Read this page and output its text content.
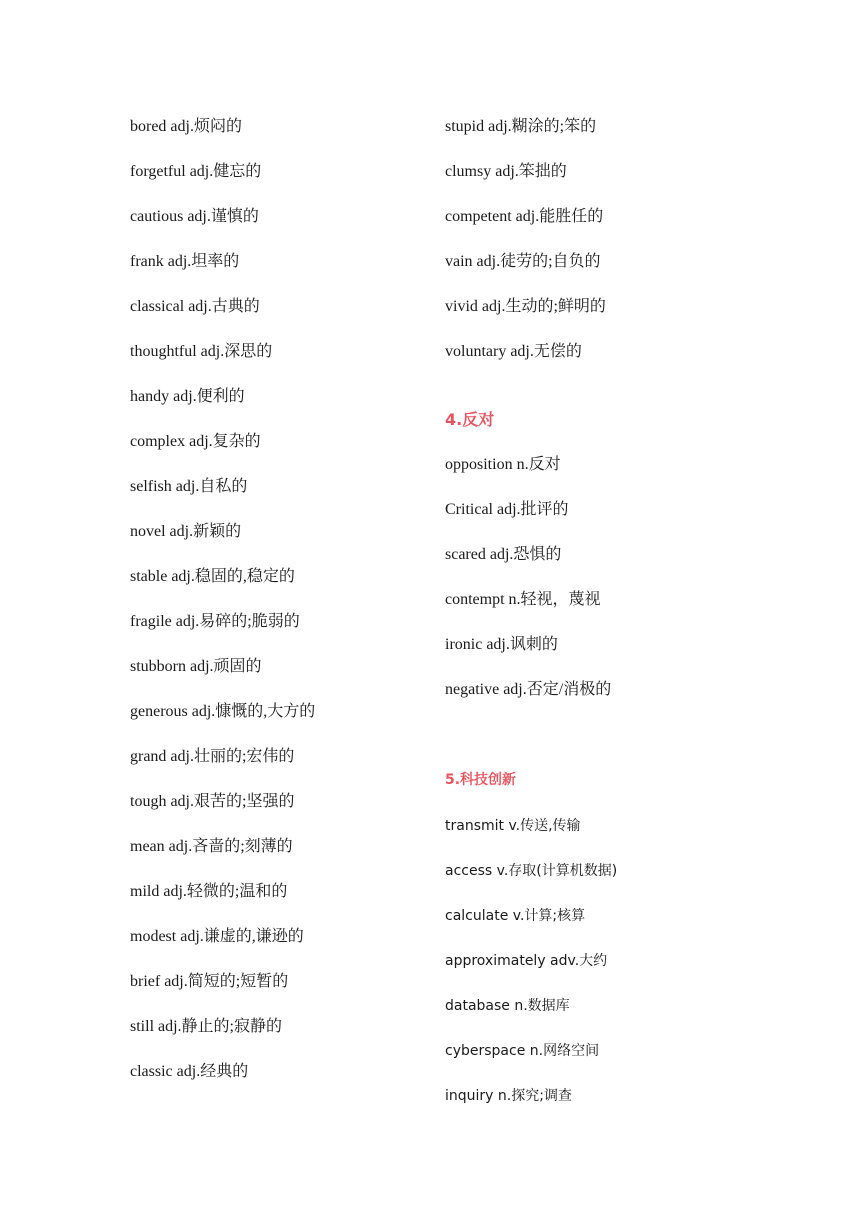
bored adj.烦闷的
forgetful adj.健忘的
cautious adj.谨慎的
frank adj.坦率的
classical adj.古典的
thoughtful adj.深思的
handy adj.便利的
complex adj.复杂的
selfish adj.自私的
novel adj.新颖的
stable adj.稳固的,稳定的
fragile adj.易碎的;脆弱的
stubborn adj.顽固的
generous adj.慷慨的,大方的
grand adj.壮丽的;宏伟的
tough adj.艰苦的;坚强的
mean adj.吝啬的;刻薄的
mild adj.轻微的;温和的
modest adj.谦虚的,谦逊的
brief adj.简短的;短暂的
still adj.静止的;寂静的
classic adj.经典的
stupid adj.糊涂的;笨的
clumsy adj.笨拙的
competent adj.能胜任的
vain adj.徒劳的;自负的
vivid adj.生动的;鲜明的
voluntary adj.无偿的
4.反对
opposition n.反对
Critical adj.批评的
scared adj.恐惧的
contempt n.轻视，蔑视
ironic adj.讽刺的
negative adj.否定/消极的
5.科技创新
transmit v.传送,传输
access v.存取(计算机数据)
calculate v.计算;核算
approximately adv.大约
database n.数据库
cyberspace n.网络空间
inquiry n.探究;调查
